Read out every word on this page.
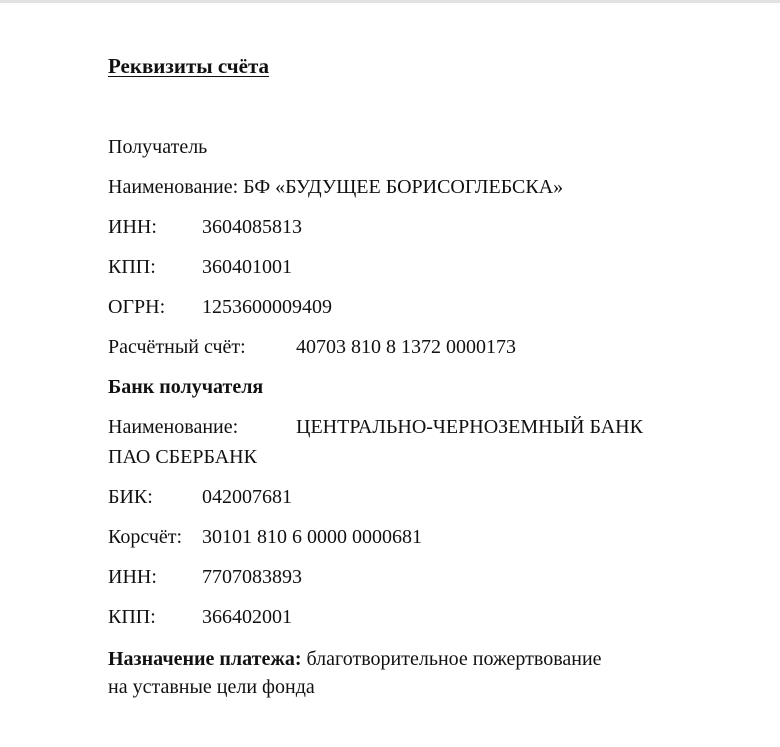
Реквизиты счёта
Получатель
Наименование: БФ «БУДУЩЕЕ БОРИСОГЛЕБСКА»
ИНН: 3604085813
КПП: 360401001
ОГРН: 1253600009409
Расчётный счёт:	40703 810 8 1372 0000173
Банк получателя
Наименование:	ЦЕНТРАЛЬНО-ЧЕРНОЗЕМНЫЙ БАНК
ПАО СБЕРБАНК
БИК: 042007681
Корсчёт: 30101 810 6 0000 0000681
ИНН: 7707083893
КПП: 366402001
Назначение платежа: благотворительное пожертвование
на уставные цели фонда
